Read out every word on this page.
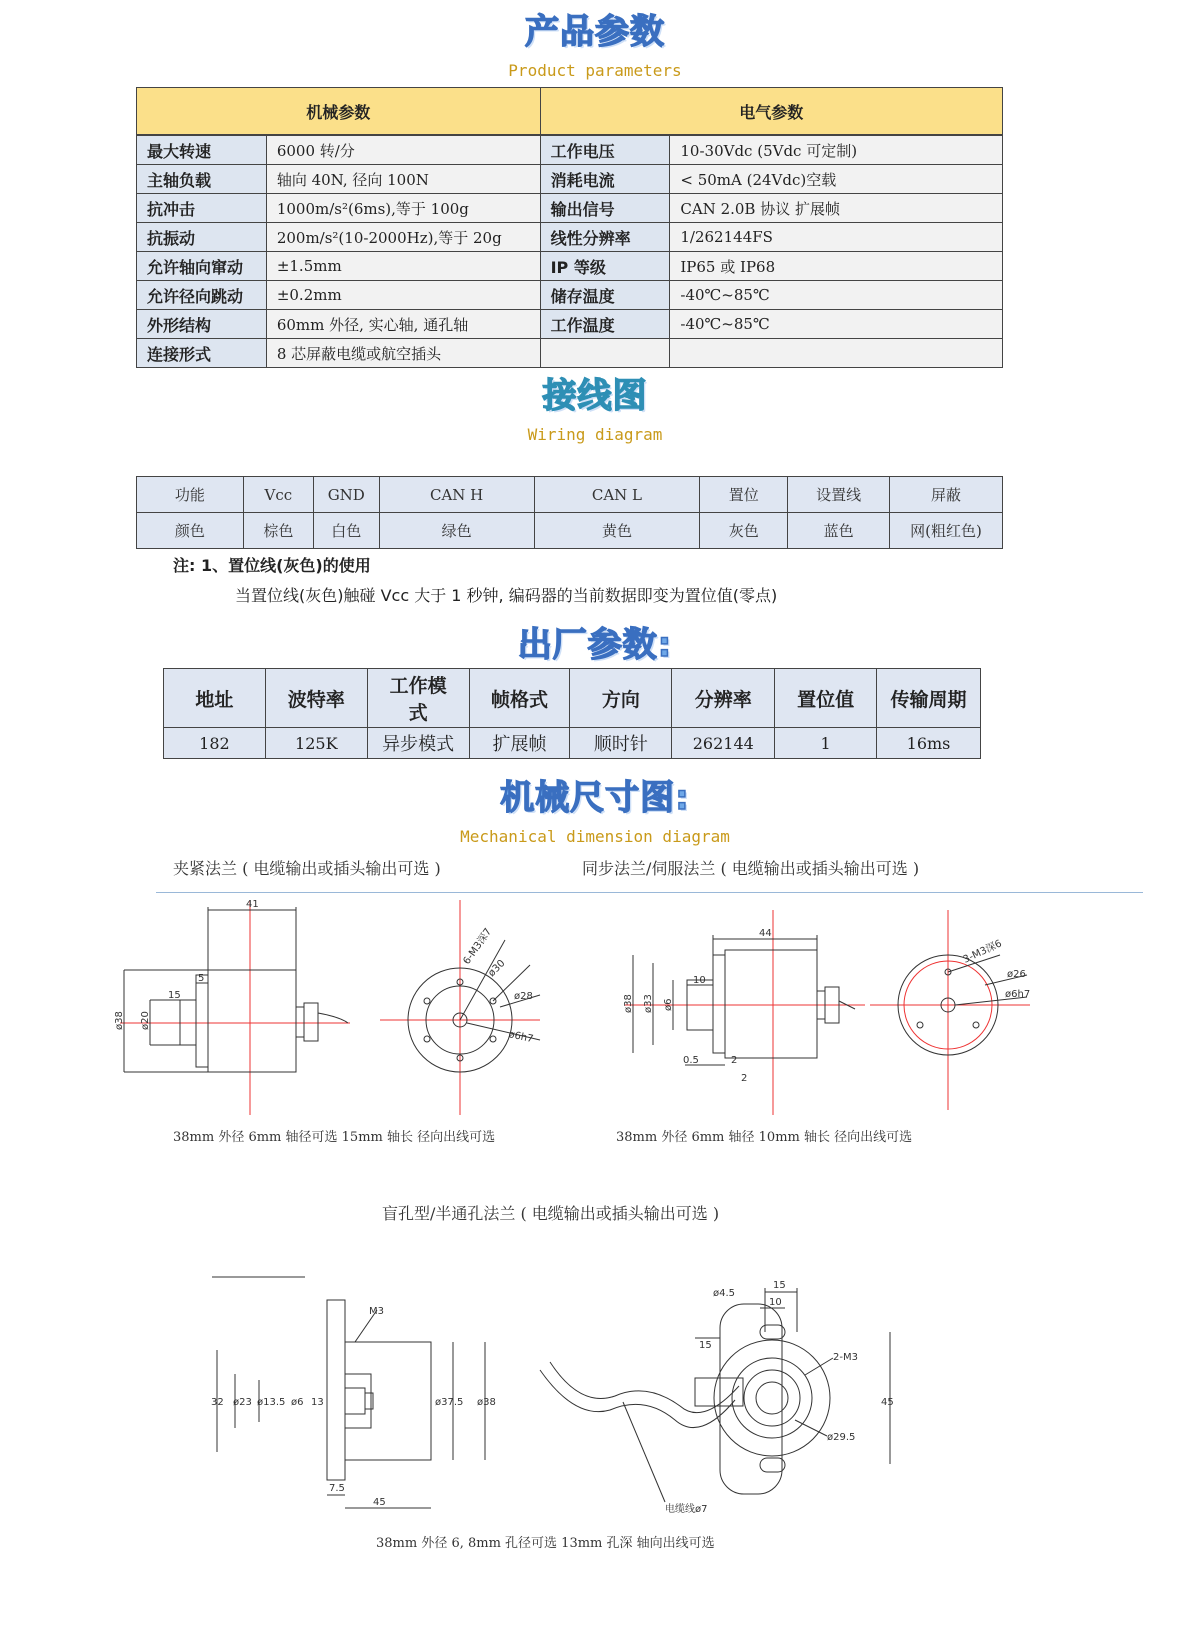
产品参数
Product parameters
机械参数		电气参数	
最大转速	6000 转/分	工作电压	10-30Vdc (5Vdc 可定制)
主轴负载	轴向 40N, 径向 100N	消耗电流	< 50mA (24Vdc)空载
抗冲击	1000m/s²(6ms),等于 100g	输出信号	CAN 2.0B 协议 扩展帧
抗振动	200m/s²(10-2000Hz),等于 20g	线性分辨率	1/262144FS
允许轴向窜动	±1.5mm	IP 等级	IP65 或 IP68
允许径向跳动	±0.2mm	储存温度	-40℃~85℃
外形结构	60mm 外径, 实心轴, 通孔轴	工作温度	-40℃~85℃
连接形式	8 芯屏蔽电缆或航空插头		
接线图
Wiring diagram
功能	Vcc	GND	CAN H	CAN L	置位	设置线	屏蔽
颜色	棕色	白色	绿色	黄色	灰色	蓝色	网(粗红色)
注: 1、置位线(灰色)的使用
当置位线(灰色)触碰 Vcc 大于 1 秒钟, 编码器的当前数据即变为置位值(零点)
出厂参数:
地址	波特率	工作模式	帧格式	方向	分辨率	置位值	传输周期
182	125K	异步模式	扩展帧	顺时针	262144	1	16ms
机械尺寸图:
Mechanical dimension diagram
夹紧法兰 ( 电缆输出或插头输出可选 )	同步法兰/伺服法兰 ( 电缆输出或插头输出可选 )
41
5
15
ø38 ø20
6-M3深7
ø30
ø28
ø6h7
38mm 外径 6mm 轴径可选 15mm 轴长 径向出线可选
44
10
ø38 ø33 ø6
0.5	2
2
3-M3深6
ø26
ø6h7
38mm 外径 6mm 轴径 10mm 轴长 径向出线可选
盲孔型/半通孔法兰 ( 电缆输出或插头输出可选 )
M3
32 ø23 ø13.5 ø6 13	ø37.5 ø38
7.5
45
15
10
ø4.5
15
2-M3
45
ø29.5
电缆线ø7
38mm 外径 6, 8mm 孔径可选 13mm 孔深 轴向出线可选
